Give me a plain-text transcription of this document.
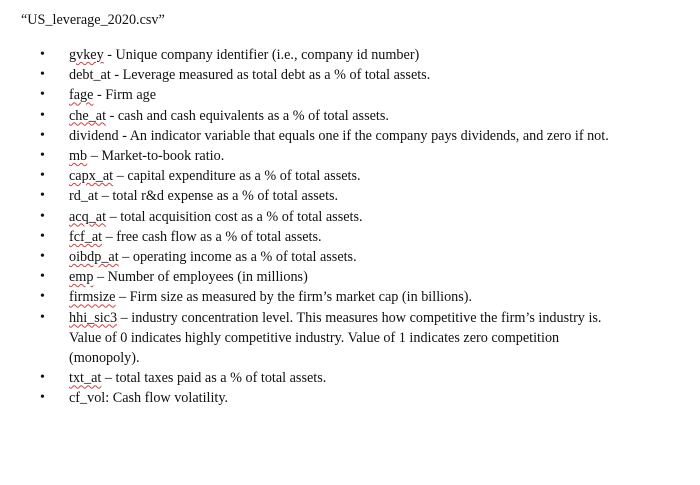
“US_leverage_2020.csv”
• gvkey - Unique company identifier (i.e., company id number)
• debt_at - Leverage measured as total debt as a % of total assets.
• fage - Firm age
• che_at - cash and cash equivalents as a % of total assets.
• dividend - An indicator variable that equals one if the company pays dividends, and zero if not.
• mb – Market-to-book ratio.
• capx_at – capital expenditure as a % of total assets.
• rd_at – total r&d expense as a % of total assets.
• acq_at – total acquisition cost as a % of total assets.
• fcf_at – free cash flow as a % of total assets.
• oibdp_at – operating income as a % of total assets.
• emp – Number of employees (in millions)
• firmsize – Firm size as measured by the firm’s market cap (in billions).
• hhi_sic3 – industry concentration level. This measures how competitive the firm’s industry is.
Value of 0 indicates highly competitive industry. Value of 1 indicates zero competition
(monopoly).
• txt_at – total taxes paid as a % of total assets.
• cf_vol: Cash flow volatility.
